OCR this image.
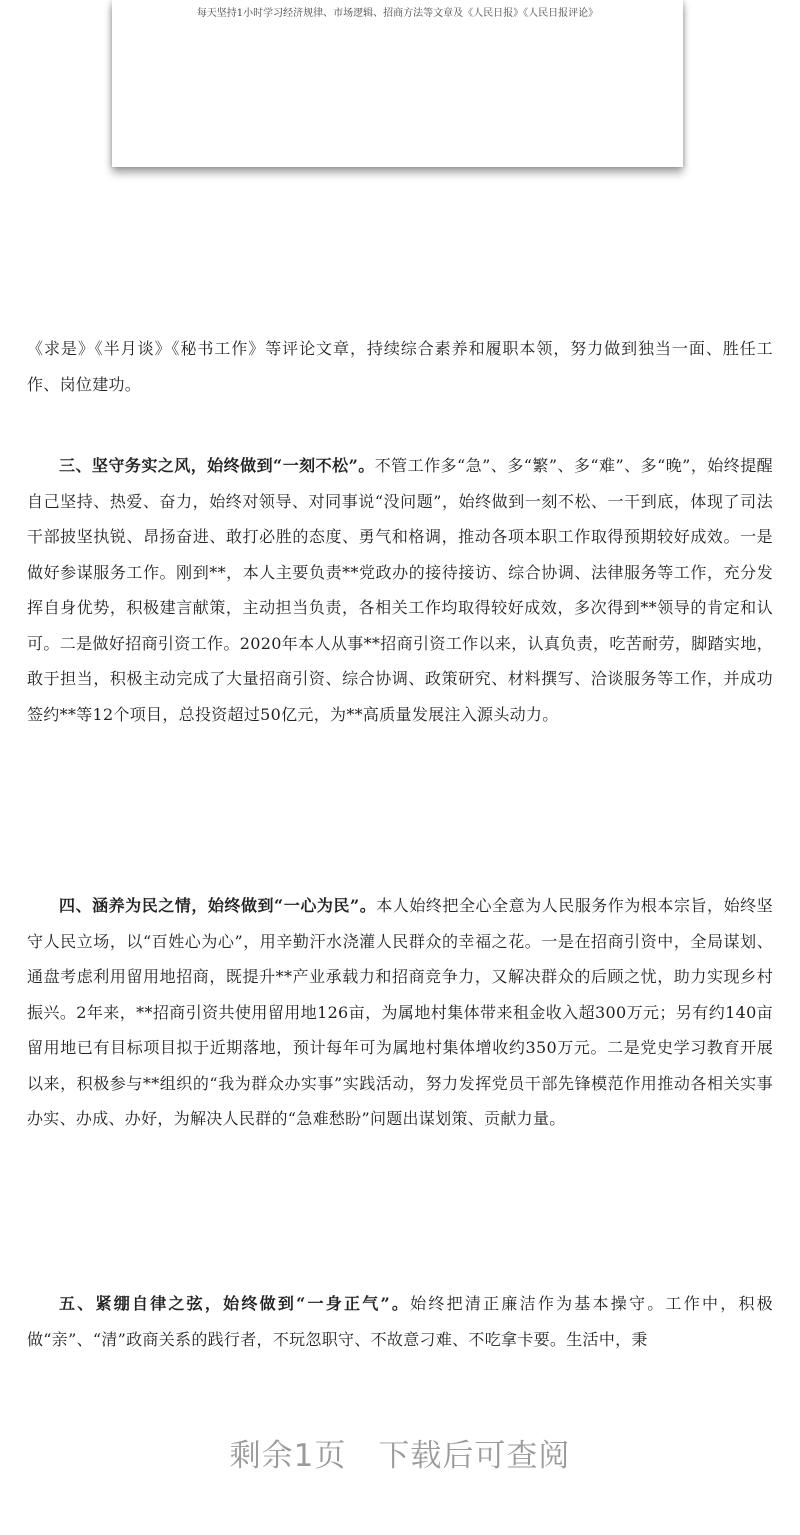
每天坚持1小时学习经济规律、市场逻辑、招商方法等文章及《人民日报》《人民日报评论》

《求是》《半月谈》《秘书工作》等评论文章，持续综合素养和履职本领，努力做到独当一面、胜任工作、岗位建功。

三、坚守务实之风，始终做到“一刻不松”。不管工作多“急”、多“繁”、多“难”、多“晚”，始终提醒自己坚持、热爱、奋力，始终对领导、对同事说“没问题”，始终做到一刻不松、一干到底，体现了司法干部披坚执锐、昂扬奋进、敢打必胜的态度、勇气和格调，推动各项本职工作取得预期较好成效。一是做好参谋服务工作。刚到**，本人主要负责**党政办的接待接访、综合协调、法律服务等工作，充分发挥自身优势，积极建言献策，主动担当负责，各相关工作均取得较好成效，多次得到**领导的肯定和认可。二是做好招商引资工作。2020年本人从事**招商引资工作以来，认真负责，吃苦耐劳，脚踏实地，敢于担当，积极主动完成了大量招商引资、综合协调、政策研究、材料撰写、洽谈服务等工作，并成功签约**等12个项目，总投资超过50亿元，为**高质量发展注入源头动力。

四、涵养为民之情，始终做到“一心为民”。本人始终把全心全意为人民服务作为根本宗旨，始终坚守人民立场，以“百姓心为心”，用辛勤汗水浇灌人民群众的幸福之花。一是在招商引资中，全局谋划、通盘考虑利用留用地招商，既提升**产业承载力和招商竞争力，又解决群众的后顾之忧，助力实现乡村振兴。2年来，**招商引资共使用留用地126亩，为属地村集体带来租金收入超300万元；另有约140亩留用地已有目标项目拟于近期落地，预计每年可为属地村集体增收约350万元。二是党史学习教育开展以来，积极参与**组织的“我为群众办实事”实践活动，努力发挥党员干部先锋模范作用推动各相关实事办实、办成、办好，为解决人民群的“急难愁盼”问题出谋划策、贡献力量。

五、紧绷自律之弦，始终做到“一身正气”。始终把清正廉洁作为基本操守。工作中，积极做“亲”、“清”政商关系的践行者，不玩忽职守、不故意刁难、不吃拿卡要。生活中，秉

剩余1页　下载后可查阅
